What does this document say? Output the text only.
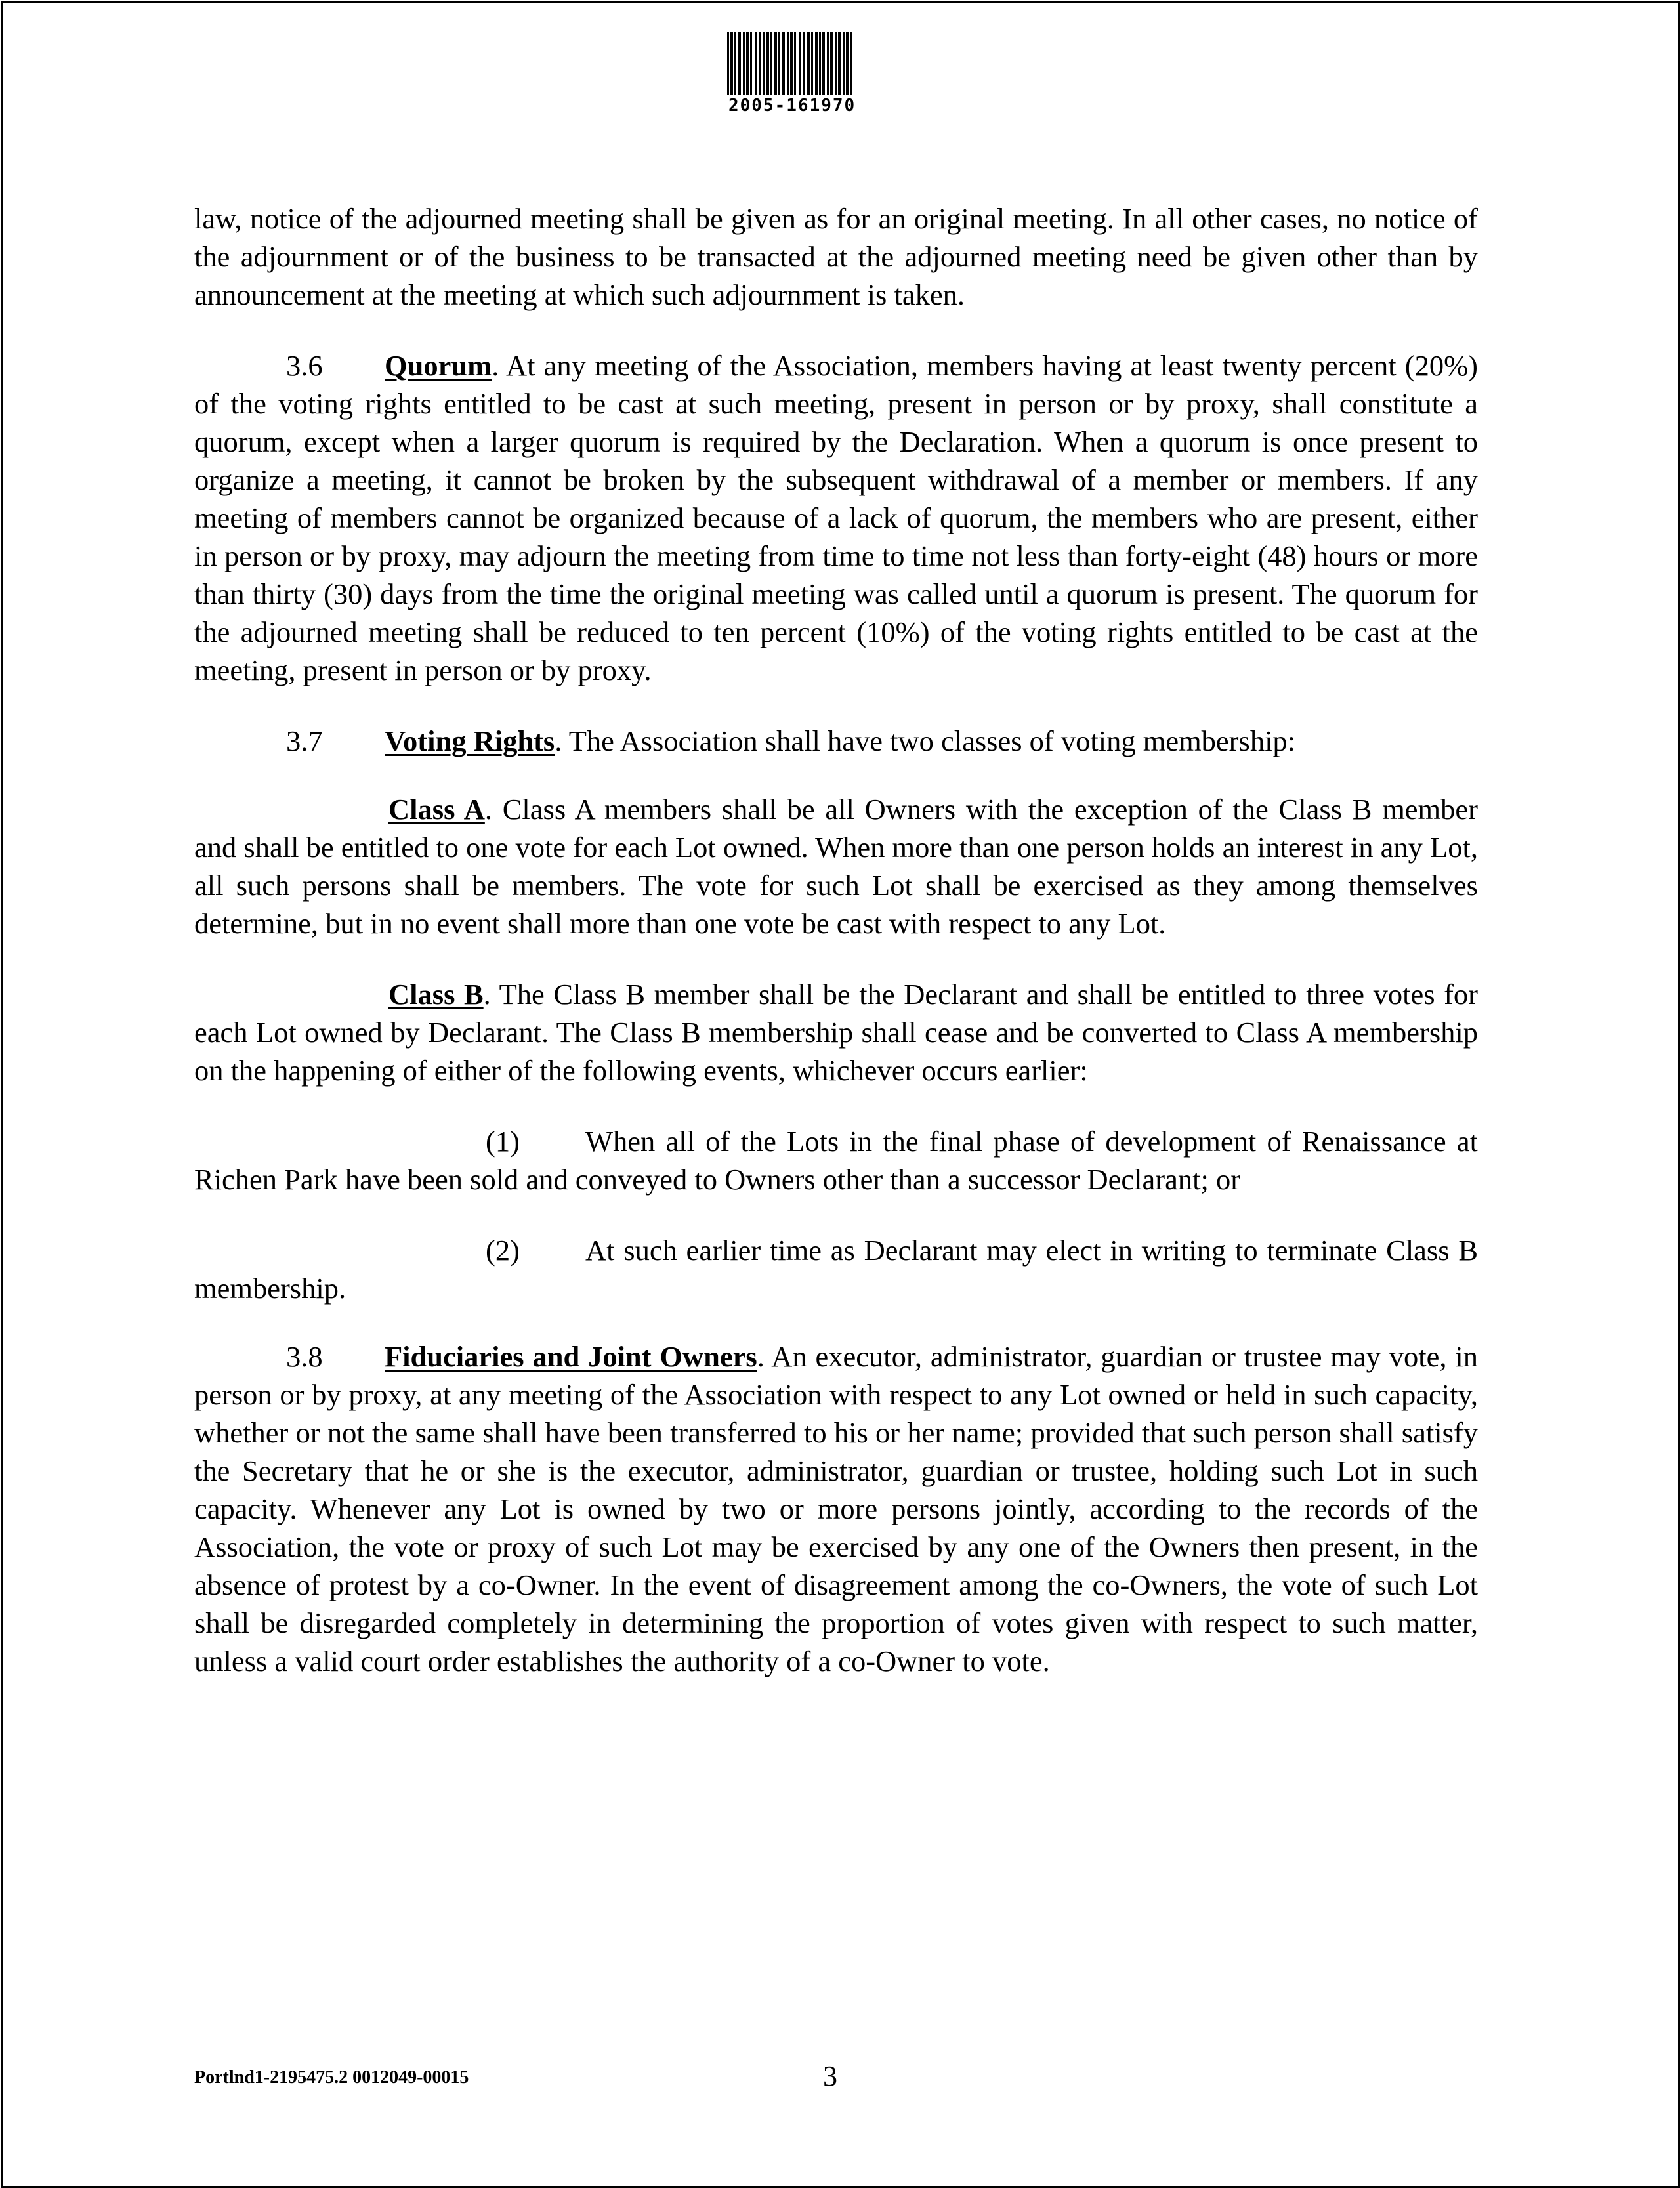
2005-161970

law, notice of the adjourned meeting shall be given as for an original meeting. In all other cases, no notice of the adjournment or of the business to be transacted at the adjourned meeting need be given other than by announcement at the meeting at which such adjournment is taken.

3.6 Quorum. At any meeting of the Association, members having at least twenty percent (20%) of the voting rights entitled to be cast at such meeting, present in person or by proxy, shall constitute a quorum, except when a larger quorum is required by the Declaration. When a quorum is once present to organize a meeting, it cannot be broken by the subsequent withdrawal of a member or members. If any meeting of members cannot be organized because of a lack of quorum, the members who are present, either in person or by proxy, may adjourn the meeting from time to time not less than forty-eight (48) hours or more than thirty (30) days from the time the original meeting was called until a quorum is present. The quorum for the adjourned meeting shall be reduced to ten percent (10%) of the voting rights entitled to be cast at the meeting, present in person or by proxy.

3.7 Voting Rights. The Association shall have two classes of voting membership:

Class A. Class A members shall be all Owners with the exception of the Class B member and shall be entitled to one vote for each Lot owned. When more than one person holds an interest in any Lot, all such persons shall be members. The vote for such Lot shall be exercised as they among themselves determine, but in no event shall more than one vote be cast with respect to any Lot.

Class B. The Class B member shall be the Declarant and shall be entitled to three votes for each Lot owned by Declarant. The Class B membership shall cease and be converted to Class A membership on the happening of either of the following events, whichever occurs earlier:

(1) When all of the Lots in the final phase of development of Renaissance at Richen Park have been sold and conveyed to Owners other than a successor Declarant; or

(2) At such earlier time as Declarant may elect in writing to terminate Class B membership.

3.8 Fiduciaries and Joint Owners. An executor, administrator, guardian or trustee may vote, in person or by proxy, at any meeting of the Association with respect to any Lot owned or held in such capacity, whether or not the same shall have been transferred to his or her name; provided that such person shall satisfy the Secretary that he or she is the executor, administrator, guardian or trustee, holding such Lot in such capacity. Whenever any Lot is owned by two or more persons jointly, according to the records of the Association, the vote or proxy of such Lot may be exercised by any one of the Owners then present, in the absence of protest by a co-Owner. In the event of disagreement among the co-Owners, the vote of such Lot shall be disregarded completely in determining the proportion of votes given with respect to such matter, unless a valid court order establishes the authority of a co-Owner to vote.

Portlnd1-2195475.2 0012049-00015	3
